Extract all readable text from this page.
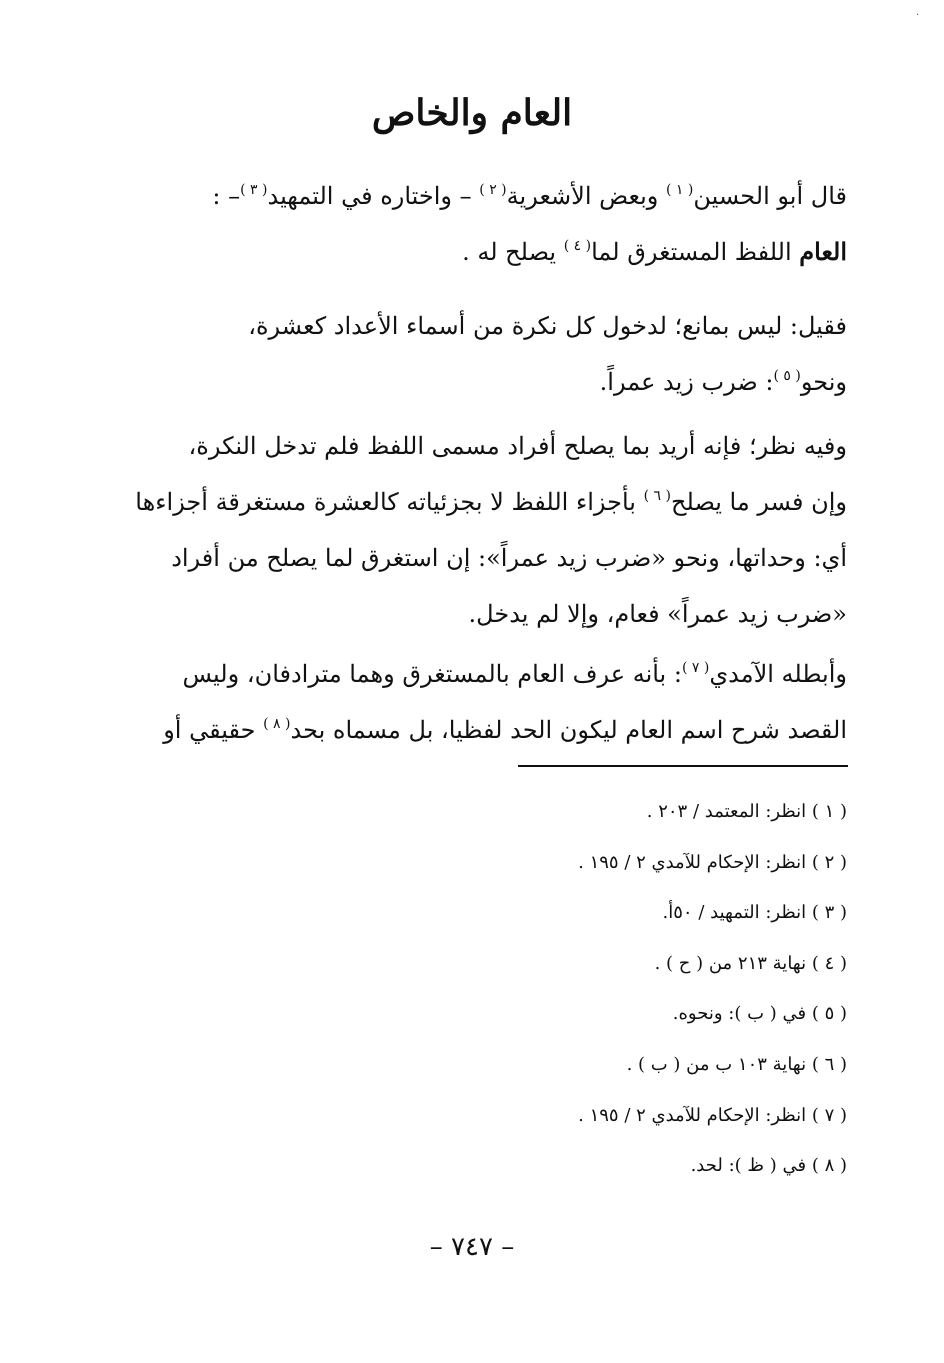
·
العام والخاص
قال أبو الحسين$^{( ١ )}$ وبعض الأشعرية$^{( ٢ )}$ – واختاره في التمهيد$^{( ٣ )}$– :
العام اللفظ المستغرق لما$^{( ٤ )}$ يصلح له .
فقيل: ليس بمانع؛ لدخول كل نكرة من أسماء الأعداد كعشرة،
ونحو$^{( ٥ )}$: ضرب زيد عمراً.
وفيه نظر؛ فإنه أريد بما يصلح أفراد مسمى اللفظ فلم تدخل النكرة،
وإن فسر ما يصلح$^{( ٦ )}$ بأجزاء اللفظ لا بجزئياته كالعشرة مستغرقة أجزاءها
أي: وحداتها، ونحو «ضرب زيد عمراً»: إن استغرق لما يصلح من أفراد
«ضرب زيد عمراً» فعام، وإلا لم يدخل.
وأبطله الآمدي$^{( ٧ )}$: بأنه عرف العام بالمستغرق وهما مترادفان، وليس
القصد شرح اسم العام ليكون الحد لفظيا، بل مسماه بحد$^{( ٨ )}$ حقيقي أو
( ١ ) انظر: المعتمد / ٢٠٣ .
( ٢ ) انظر: الإحكام للآمدي ٢ / ١٩٥ .
( ٣ ) انظر: التمهيد / ٥٠أ.
( ٤ ) نهاية ٢١٣ من ( ح ) .
( ٥ ) في ( ب ): ونحوه.
( ٦ ) نهاية ١٠٣ ب من ( ب ) .
( ٧ ) انظر: الإحكام للآمدي ٢ / ١٩٥ .
( ٨ ) في ( ظ ): لحد.
– ٧٤٧ –
